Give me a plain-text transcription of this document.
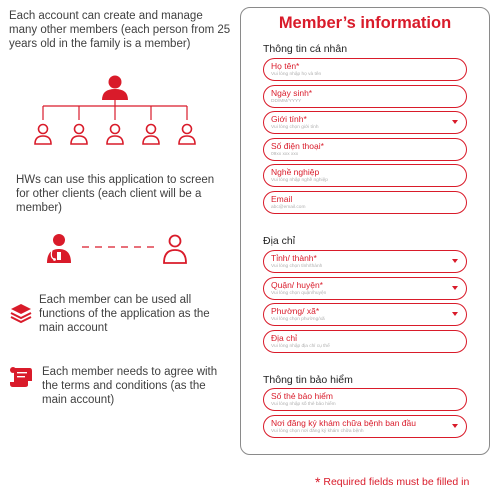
Each account can create and manage many other members (each person from 25 years old in the family is a member)
HWs can use this application to screen for other clients (each client will be a member)
Each member can be used all functions of the application as the main account
Each member needs to agree with the terms and conditions (as the main account)
Member’s information
Thông tin cá nhân
Địa chỉ
Thông tin bảo hiểm
Họ tên*
Vui lòng nhập họ và tên
Ngày sinh*
DD/MM/YYYY
Giới tính*
Vui lòng chọn giới tính
Số điện thoại*
09xx xxx xxx
Nghề nghiệp
Vui lòng nhập nghề nghiệp
Email
abc@email.com
Tỉnh/ thành*
Vui lòng chọn tỉnh/thành
Quận/ huyện*
Vui lòng chọn quận/huyện
Phường/ xã*
Vui lòng chọn phường/xã
Địa chỉ
Vui lòng nhập địa chỉ cụ thể
Số thẻ bảo hiểm
Vui lòng nhập số thẻ bảo hiểm
Nơi đăng ký khám chữa bệnh ban đầu
Vui lòng chọn nơi đăng ký khám chữa bệnh
* Required fields must be filled in
